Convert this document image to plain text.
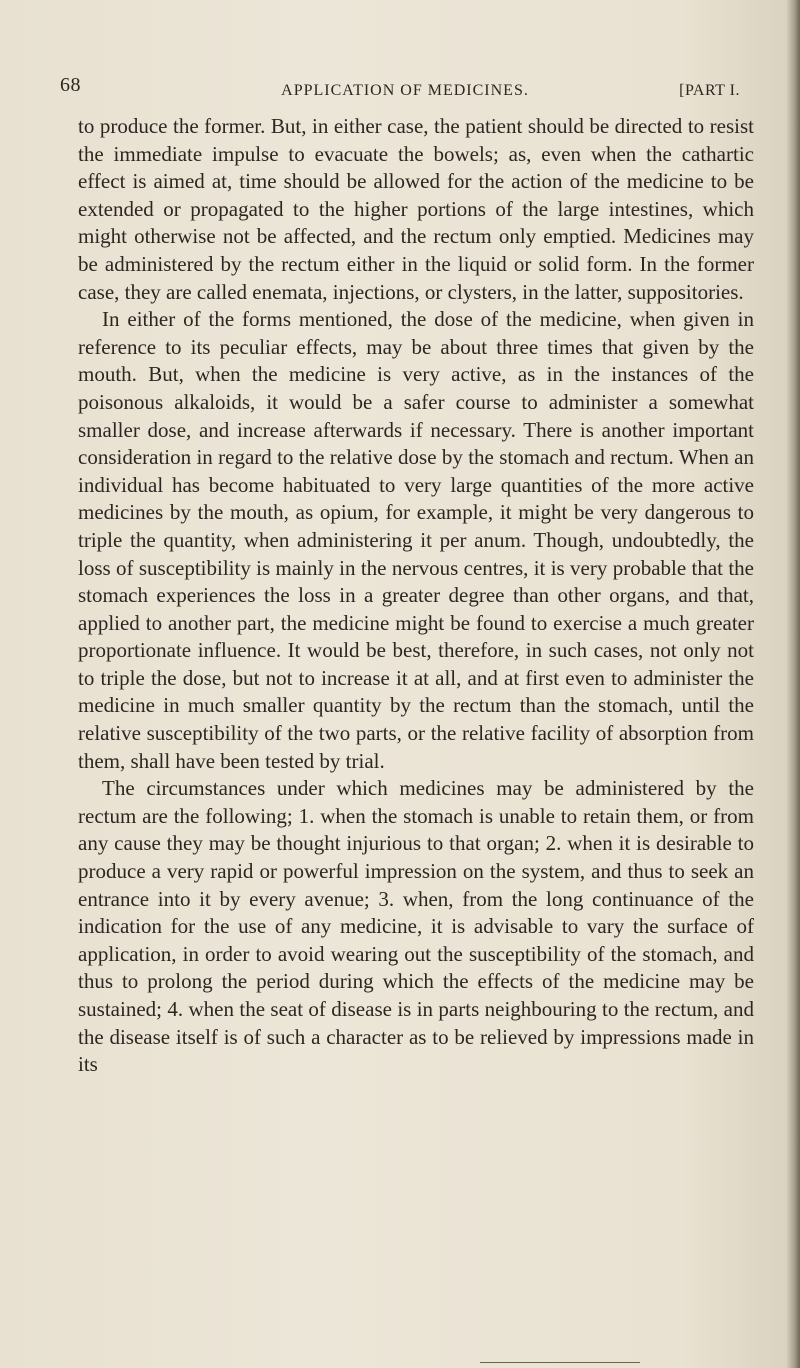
68	APPLICATION OF MEDICINES.	[PART I.

to produce the former. But, in either case, the patient should be directed to resist the immediate impulse to evacuate the bowels; as, even when the cathartic effect is aimed at, time should be allowed for the action of the medicine to be extended or propagated to the higher portions of the large intestines, which might otherwise not be affected, and the rectum only emptied. Medicines may be administered by the rectum either in the liquid or solid form. In the former case, they are called enemata, injections, or clysters, in the latter, suppositories.

In either of the forms mentioned, the dose of the medicine, when given in reference to its peculiar effects, may be about three times that given by the mouth. But, when the medicine is very active, as in the instances of the poisonous alkaloids, it would be a safer course to administer a somewhat smaller dose, and increase afterwards if necessary. There is another important consideration in regard to the relative dose by the stomach and rectum. When an individual has become habituated to very large quantities of the more active medicines by the mouth, as opium, for example, it might be very dangerous to triple the quantity, when administering it per anum. Though, undoubtedly, the loss of susceptibility is mainly in the nervous centres, it is very probable that the stomach experiences the loss in a greater degree than other organs, and that, applied to another part, the medicine might be found to exercise a much greater proportionate influence. It would be best, therefore, in such cases, not only not to triple the dose, but not to increase it at all, and at first even to administer the medicine in much smaller quantity by the rectum than the stomach, until the relative susceptibility of the two parts, or the relative facility of absorption from them, shall have been tested by trial.

The circumstances under which medicines may be administered by the rectum are the following; 1. when the stomach is unable to retain them, or from any cause they may be thought injurious to that organ; 2. when it is desirable to produce a very rapid or powerful impression on the system, and thus to seek an entrance into it by every avenue; 3. when, from the long continuance of the indication for the use of any medicine, it is advisable to vary the surface of application, in order to avoid wearing out the susceptibility of the stomach, and thus to prolong the period during which the effects of the medicine may be sustained; 4. when the seat of disease is in parts neighbouring to the rectum, and the disease itself is of such a character as to be relieved by impressions made in its
